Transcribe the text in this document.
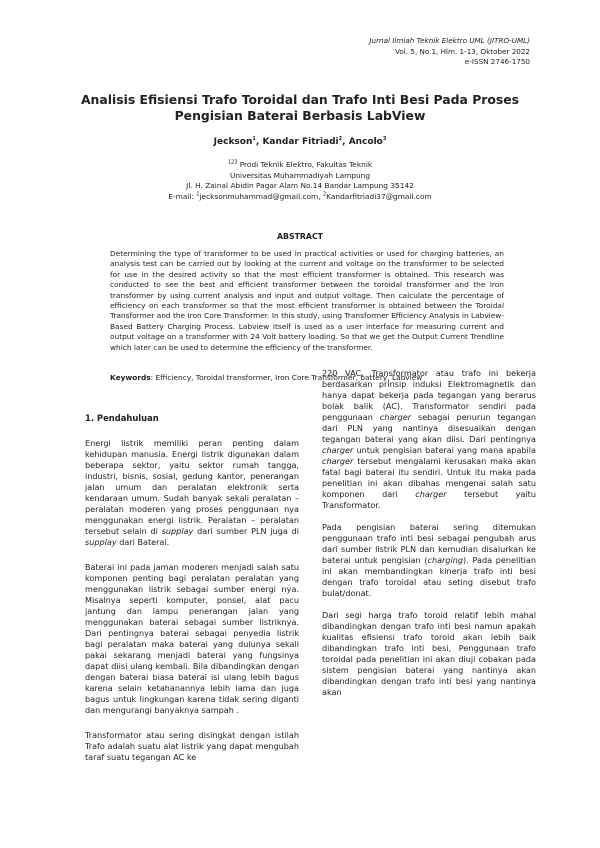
Jurnal Ilmiah Teknik Elektro UML (JITRO-UML)
Vol. 5, No.1, Hlm. 1-13, Oktober 2022
e-ISSN 2746-1750
Analisis Efisiensi Trafo Toroidal dan Trafo Inti Besi Pada Proses
Pengisian Baterai Berbasis LabView
Jeckson$^1$, Kandar Fitriadi$^2$, Ancolo$^3$
$^{123}$ Prodi Teknik Elektro, Fakultas Teknik
Universitas Muhammadiyah Lampung
Jl. H. Zainal Abidin Pagar Alam No.14 Bandar Lampung 35142
E-mail: $^1$jecksonmuhammad@gmail.com, $^2$Kandarfitriadi37@gmail.com
ABSTRACT
Determining the type of transformer to be used in practical activities or used for charging batteries, an analysis test can be carried out by looking at the current and voltage on the transformer to be selected for use in the desired activity so that the most efficient transformer is obtained. This research was conducted to see the best and efficient transformer between the toroidal transformer and the iron transformer by using current analysis and input and output voltage. Then calculate the percentage of efficiency on each transformer so that the most efficient transformer is obtained between the Toroidal Transformer and the Iron Core Transformer. In this study, using Transformer Efficiency Analysis in Labview-Based Battery Charging Process. Labview itself is used as a user interface for measuring current and output voltage on a transformer with 24 Volt battery loading. So that we get the Output Current Trendline which later can be used to determine the efficiency of the transformer.
Keywords: Efficiency, Toroidal transformer, Iron Core Transformer, battery, Labview
1. Pendahuluan

Energi listrik memiliki peran penting dalam kehidupan manusia. Energi listrik digunakan dalam beberapa sektor, yaitu sektor rumah tangga, industri, bisnis, sosial, gedung kantor, penerangan jalan umum dan peralatan elektronik serta kendaraan umum. Sudah banyak sekali peralatan – peralatan moderen yang proses penggunaan nya menggunakan energi listrik. Peralatan – peralatan tersebut selain di supplay dari sumber PLN juga di supplay dari Baterai.

Baterai ini pada jaman moderen menjadi salah satu komponen penting bagi peralatan peralatan yang menggunakan listrik sebagai sumber energi nya. Misalnya seperti komputer, ponsel, alat pacu jantung dan lampu penerangan jalan yang menggunakan baterai sebagai sumber listriknya. Dari pentingnya baterai sebagai penyedia listrik bagi peralatan maka baterai yang dulunya sekali pakai sekarang menjadi baterai yang fungsinya dapat diisi ulang kembali. Bila dibandingkan dengan dengan baterai biasa baterai isi ulang lebih bagus karena selain ketahanannya lebih lama dan juga bagus untuk lingkungan karena tidak sering diganti dan mengurangi banyaknya sampah .

Transformator atau sering disingkat dengan istilah Trafo adalah suatu alat listrik yang dapat mengubah taraf suatu tegangan AC ke

220 VAC. Transformator atau trafo ini bekerja berdasarkan prinsip induksi Elektromagnetik dan hanya dapat bekerja pada tegangan yang berarus bolak balik (AC). Transformator sendiri pada penggunaan charger sebagai penurun tegangan dari PLN yang nantinya disesuaikan dengan tegangan baterai yang akan diisi. Dari pentingnya charger untuk pengisian baterai yang mana apabila charger tersebut mengalami kerusakan maka akan fatal bagi baterai itu sendiri. Untuk itu maka pada penelitian ini akan dibahas mengenai salah satu komponen dari charger tersebut yaitu Transformator.

Pada pengisian baterai sering ditemukan penggunaan trafo inti besi sebagai pengubah arus dari sumber listrik PLN dan kemudian disalurkan ke baterai untuk pengisian (charging). Pada penelitian ini akan membandingkan kinerja trafo inti besi dengan trafo toroidal atau seting disebut trafo bulat/donat.

Dari segi harga trafo toroid relatif lebih mahal dibandingkan dengan trafo inti besi namun apakah kualitas efisiensi trafo toroid akan lebih baik dibandingkan trafo inti besi, Penggunaan trafo toroidal pada penelitian ini akan diuji cobakan pada sistem pengisian baterai yang nantinya akan dibandingkan dengan trafo inti besi yang nantinya akan
